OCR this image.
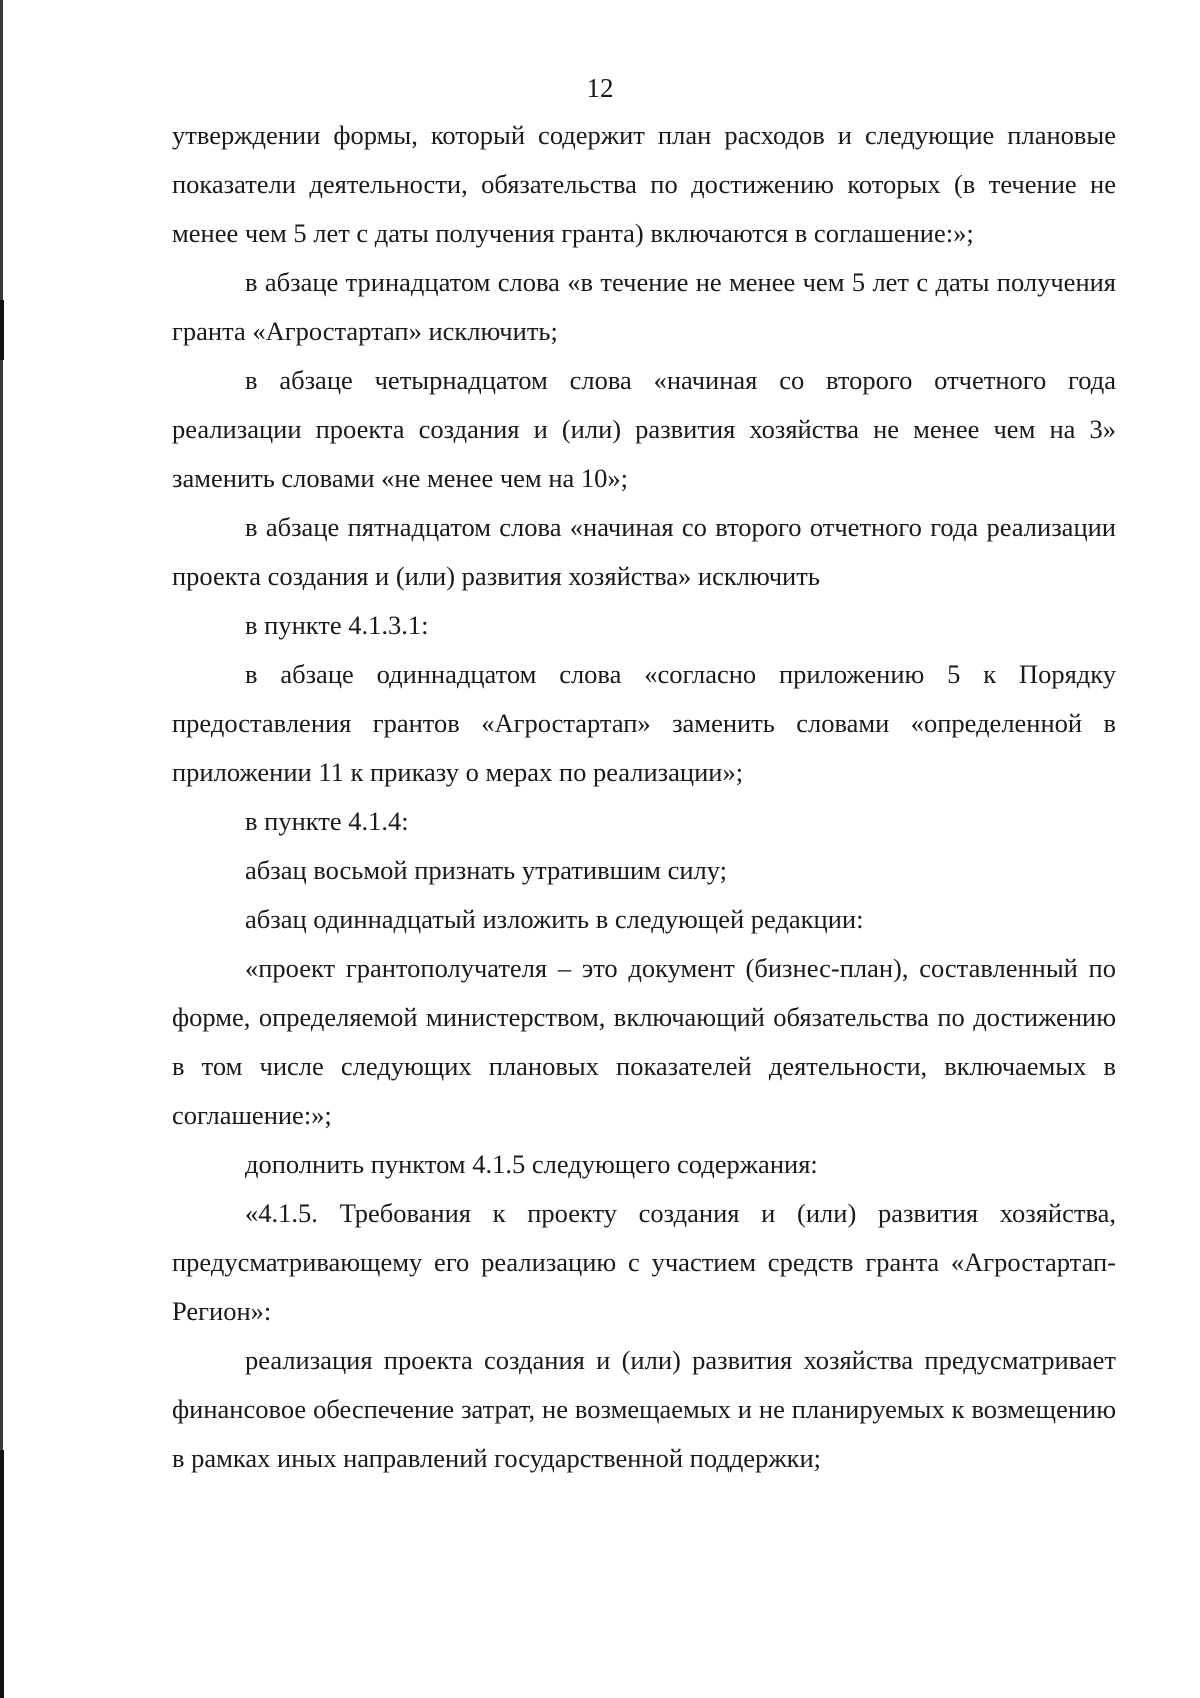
12

утверждении формы, который содержит план расходов и следующие плановые показатели деятельности, обязательства по достижению которых (в течение не менее чем 5 лет с даты получения гранта) включаются в соглашение:»;

в абзаце тринадцатом слова «в течение не менее чем 5 лет с даты получения гранта «Агростартап» исключить;

в абзаце четырнадцатом слова «начиная со второго отчетного года реализации проекта создания и (или) развития хозяйства не менее чем на 3» заменить словами «не менее чем на 10»;

в абзаце пятнадцатом слова «начиная со второго отчетного года реализации проекта создания и (или) развития хозяйства» исключить

в пункте 4.1.3.1:

в абзаце одиннадцатом слова «согласно приложению 5 к Порядку предоставления грантов «Агростартап» заменить словами «определенной в приложении 11 к приказу о мерах по реализации»;

в пункте 4.1.4:

абзац восьмой признать утратившим силу;

абзац одиннадцатый изложить в следующей редакции:

«проект грантополучателя – это документ (бизнес-план), составленный по форме, определяемой министерством, включающий обязательства по достижению в том числе следующих плановых показателей деятельности, включаемых в соглашение:»;

дополнить пунктом 4.1.5 следующего содержания:

«4.1.5. Требования к проекту создания и (или) развития хозяйства, предусматривающему его реализацию с участием средств гранта «Агростартап-Регион»:

реализация проекта создания и (или) развития хозяйства предусматривает финансовое обеспечение затрат, не возмещаемых и не планируемых к возмещению в рамках иных направлений государственной поддержки;
